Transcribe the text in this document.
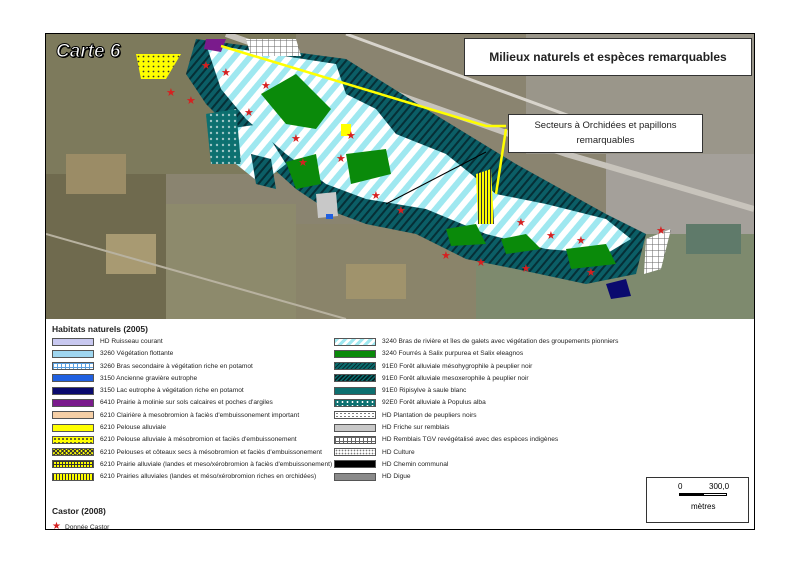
★
★
★
★
★
★
★	★
★
★
★
★ ★
★
★	★	★
★
★
★
Carte 6	Milieux naturels et espèces remarquables
Secteurs à Orchidées et papillons
remarquables
Habitats naturels (2005)
HD Ruisseau courant
3260 Végétation flottante
3260 Bras secondaire à végétation riche en potamot
3150 Ancienne gravière eutrophe
3150 Lac eutrophe à végétation riche en potamot
6410 Prairie à molinie sur sols calcaires et poches d'argiles
6210 Clairière à mesobromion à faciès d'embuissonement important
6210 Pelouse alluviale
6210 Pelouse alluviale à mésobromion et faciès d'embuissonement
6210 Pelouses et côteaux secs à mésobromion et faciès d'embuissonement
6210 Prairie alluviale (landes et meso/xérobromion à faciès d'embuissonement)
6210 Prairies alluviales (landes et méso/xérobromion riches en orchidées)
3240 Bras de rivière et îles de galets avec végétation des groupements pionniers
3240 Fourrés à Salix purpurea et Salix eleagnos
91E0 Forêt alluviale mésohygrophile à peuplier noir
91E0 Forêt alluviale mesoxerophile à peuplier noir
91E0 Ripisylve à saule blanc
92E0 Forêt alluviale à Populus alba
HD Plantation de peupliers noirs
HD Friche sur remblais
HD Remblais TGV revégétalisé avec des espèces indigènes
HD Culture
HD Chemin communal
HD Digue
Castor (2008)
★ Donnée Castor
0	300,0
mètres
